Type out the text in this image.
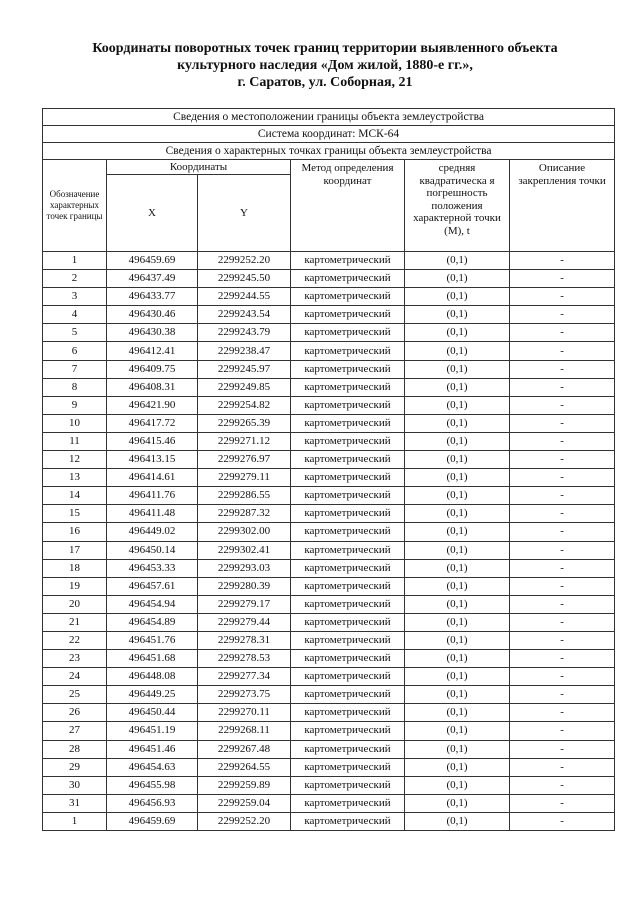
Координаты поворотных точек границ территории выявленного объекта
культурного наследия «Дом жилой, 1880-е гг.»,
г. Саратов, ул. Соборная, 21
Сведения о местоположении границы объекта землеустройства					
Система координат: МСК-64					
Сведения о характерных точках границы объекта землеустройства					
Обозначение характерных точек границы	Координаты		Метод определения координат	средняя квадратическа я погрешность положения характерной точки (М), t	Описание закрепления точки
	X	Y			
1	496459.69	2299252.20	картометрический	(0,1)	-
2	496437.49	2299245.50	картометрический	(0,1)	-
3	496433.77	2299244.55	картометрический	(0,1)	-
4	496430.46	2299243.54	картометрический	(0,1)	-
5	496430.38	2299243.79	картометрический	(0,1)	-
6	496412.41	2299238.47	картометрический	(0,1)	-
7	496409.75	2299245.97	картометрический	(0,1)	-
8	496408.31	2299249.85	картометрический	(0,1)	-
9	496421.90	2299254.82	картометрический	(0,1)	-
10	496417.72	2299265.39	картометрический	(0,1)	-
11	496415.46	2299271.12	картометрический	(0,1)	-
12	496413.15	2299276.97	картометрический	(0,1)	-
13	496414.61	2299279.11	картометрический	(0,1)	-
14	496411.76	2299286.55	картометрический	(0,1)	-
15	496411.48	2299287.32	картометрический	(0,1)	-
16	496449.02	2299302.00	картометрический	(0,1)	-
17	496450.14	2299302.41	картометрический	(0,1)	-
18	496453.33	2299293.03	картометрический	(0,1)	-
19	496457.61	2299280.39	картометрический	(0,1)	-
20	496454.94	2299279.17	картометрический	(0,1)	-
21	496454.89	2299279.44	картометрический	(0,1)	-
22	496451.76	2299278.31	картометрический	(0,1)	-
23	496451.68	2299278.53	картометрический	(0,1)	-
24	496448.08	2299277.34	картометрический	(0,1)	-
25	496449.25	2299273.75	картометрический	(0,1)	-
26	496450.44	2299270.11	картометрический	(0,1)	-
27	496451.19	2299268.11	картометрический	(0,1)	-
28	496451.46	2299267.48	картометрический	(0,1)	-
29	496454.63	2299264.55	картометрический	(0,1)	-
30	496455.98	2299259.89	картометрический	(0,1)	-
31	496456.93	2299259.04	картометрический	(0,1)	-
1	496459.69	2299252.20	картометрический	(0,1)	-
